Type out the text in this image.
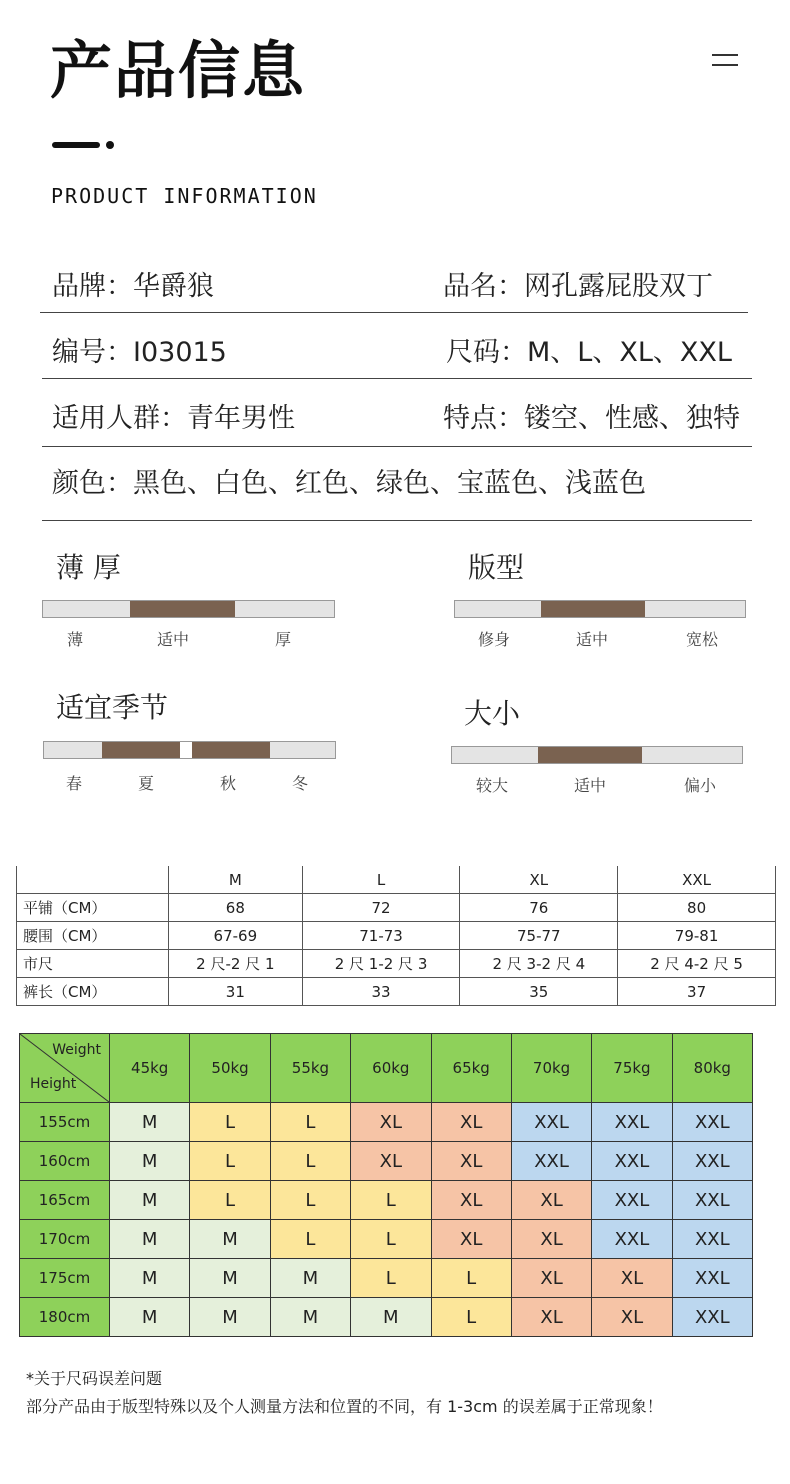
产品信息
PRODUCT INFORMATION
品牌：华爵狼	品名：网孔露屁股双丁
编号：I03015	尺码：M、L、XL、XXL
适用人群：青年男性	特点：镂空、性感、独特
颜色：黑色、白色、红色、绿色、宝蓝色、浅蓝色
薄 厚
薄	适中	厚
版型
修身	适中	宽松
适宜季节
春	夏	秋	冬
大小
较大	适中	偏小
	M	L	XL	XXL
平铺（CM）	68	72	76	80
腰围（CM）	67-69	71-73	75-77	79-81
市尺	2 尺-2 尺 1	2 尺 1-2 尺 3	2 尺 3-2 尺 4	2 尺 4-2 尺 5
裤长（CM）	31	33	35	37
Weight
Height	45kg	50kg	55kg	60kg	65kg	70kg	75kg	80kg
155cm	M	L	L	XL	XL	XXL	XXL	XXL
160cm	M	L	L	XL	XL	XXL	XXL	XXL
165cm	M	L	L	L	XL	XL	XXL	XXL
170cm	M	M	L	L	XL	XL	XXL	XXL
175cm	M	M	M	L	L	XL	XL	XXL
180cm	M	M	M	M	L	XL	XL	XXL
*关于尺码误差问题
部分产品由于版型特殊以及个人测量方法和位置的不同，有 1-3cm 的误差属于正常现象！
